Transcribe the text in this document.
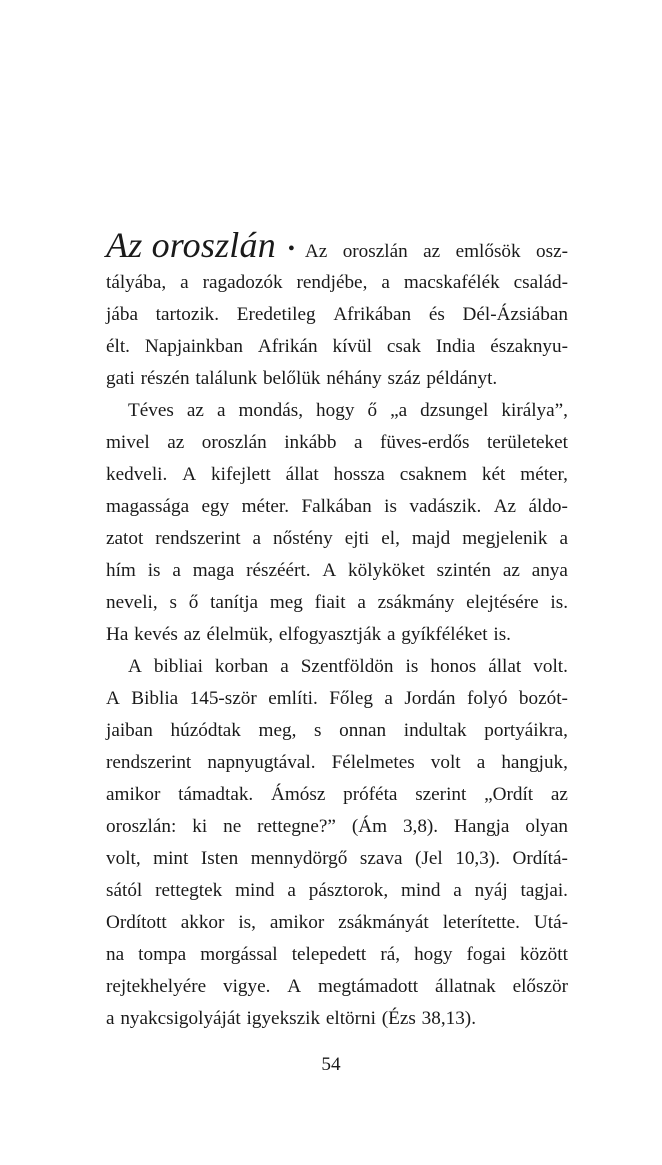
Az oroszlán • Az oroszlán az emlősök osz-
tályába, a ragadozók rendjébe, a macskafélék család-
jába tartozik. Eredetileg Afrikában és Dél-Ázsiában
élt. Napjainkban Afrikán kívül csak India északnyu-
gati részén találunk belőlük néhány száz példányt.
Téves az a mondás, hogy ő „a dzsungel királya”,
mivel az oroszlán inkább a füves-erdős területeket
kedveli. A kifejlett állat hossza csaknem két méter,
magassága egy méter. Falkában is vadászik. Az áldo-
zatot rendszerint a nőstény ejti el, majd megjelenik a
hím is a maga részéért. A kölyköket szintén az anya
neveli, s ő tanítja meg fiait a zsákmány elejtésére is.
Ha kevés az élelmük, elfogyasztják a gyíkféléket is.
A bibliai korban a Szentföldön is honos állat volt.
A Biblia 145-ször említi. Főleg a Jordán folyó bozót-
jaiban húzódtak meg, s onnan indultak portyáikra,
rendszerint napnyugtával. Félelmetes volt a hangjuk,
amikor támadtak. Ámósz próféta szerint „Ordít az
oroszlán: ki ne rettegne?” (Ám 3,8). Hangja olyan
volt, mint Isten mennydörgő szava (Jel 10,3). Ordítá-
sától rettegtek mind a pásztorok, mind a nyáj tagjai.
Ordított akkor is, amikor zsákmányát leterítette. Utá-
na tompa morgással telepedett rá, hogy fogai között
rejtekhelyére vigye. A megtámadott állatnak először
a nyakcsigolyáját igyekszik eltörni (Ézs 38,13).
54
